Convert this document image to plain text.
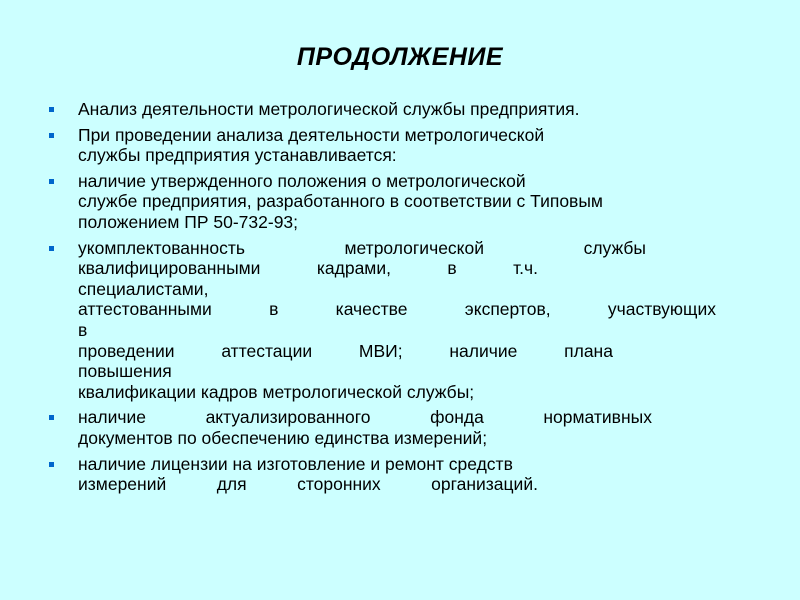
ПРОДОЛЖЕНИЕ
Анализ деятельности метрологической службы предприятия.
При проведении анализа деятельности метрологической
службы предприятия устанавливается:
наличие утвержденного положения о метрологической
службе предприятия, разработанного в соответствии с Типовым
положением ПР 50-732-93;
укомплектованность	метрологической	службы
квалифицированными	кадрами,	в	т.ч.
специалистами,
аттестованными	в	качестве	экспертов,	участвующих
в
проведении	аттестации	МВИ;	наличие	плана
повышения
квалификации кадров метрологической службы;
наличие	актуализированного	фонда	нормативных
документов по обеспечению единства измерений;
наличие лицензии на изготовление и ремонт средств
измерений	для	сторонних	организаций.
